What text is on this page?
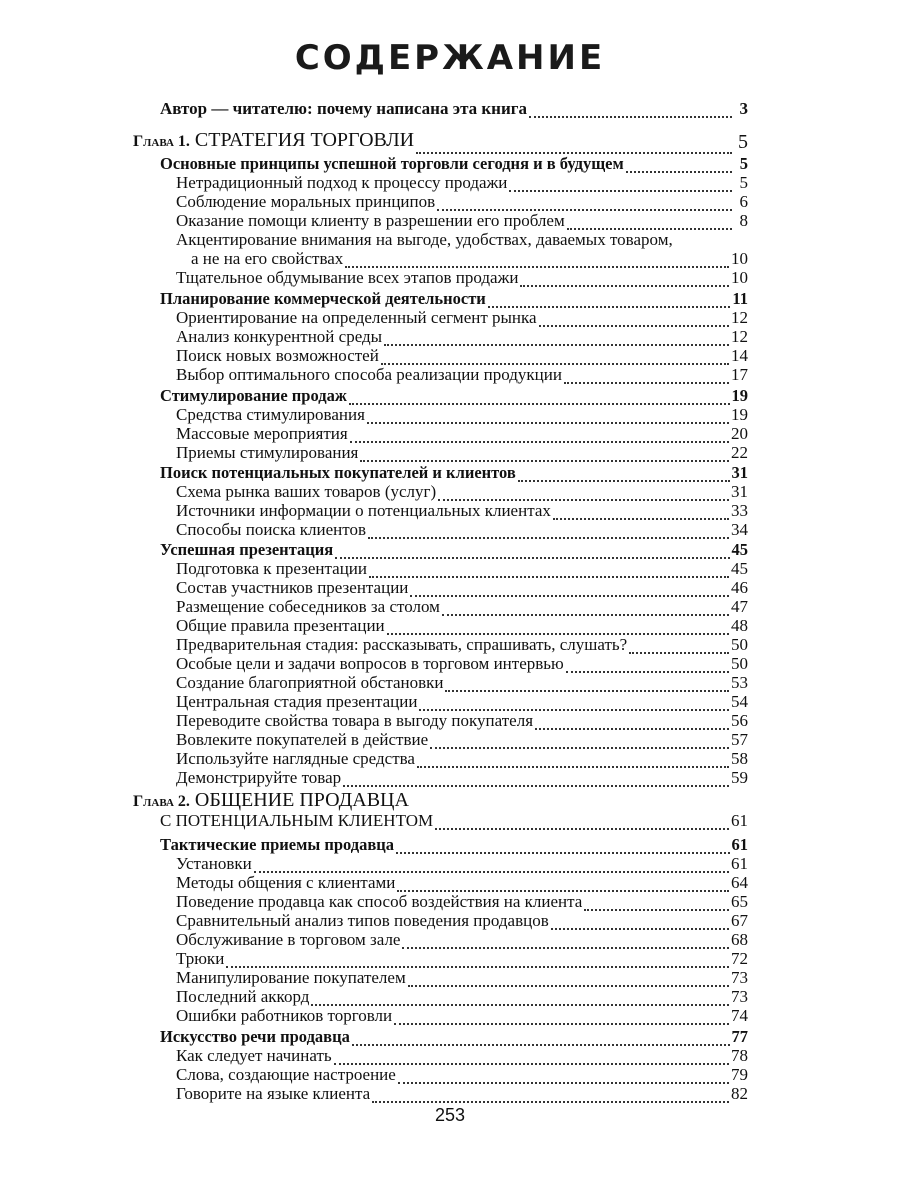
СОДЕРЖАНИЕ
Автор — читателю: почему написана эта книга	3
Глава 1. СТРАТЕГИЯ ТОРГОВЛИ	5
Основные принципы успешной торговли сегодня и в будущем	5
Нетрадиционный подход к процессу продажи	5
Соблюдение моральных принципов	6
Оказание помощи клиенту в разрешении его проблем	8
Акцентирование внимания на выгоде, удобствах, даваемых товаром,
а не на его свойствах	10
Тщательное обдумывание всех этапов продажи	10
Планирование коммерческой деятельности	11
Ориентирование на определенный сегмент рынка	12
Анализ конкурентной среды	12
Поиск новых возможностей	14
Выбор оптимального способа реализации продукции	17
Стимулирование продаж	19
Средства стимулирования	19
Массовые мероприятия	20
Приемы стимулирования	22
Поиск потенциальных покупателей и клиентов	31
Схема рынка ваших товаров (услуг)	31
Источники информации о потенциальных клиентах	33
Способы поиска клиентов	34
Успешная презентация	45
Подготовка к презентации	45
Состав участников презентации	46
Размещение собеседников за столом	47
Общие правила презентации	48
Предварительная стадия: рассказывать, спрашивать, слушать?	50
Особые цели и задачи вопросов в торговом интервью	50
Создание благоприятной обстановки	53
Центральная стадия презентации	54
Переводите свойства товара в выгоду покупателя	56
Вовлеките покупателей в действие	57
Используйте наглядные средства	58
Демонстрируйте товар	59
Глава 2. ОБЩЕНИЕ ПРОДАВЦА
С ПОТЕНЦИАЛЬНЫМ КЛИЕНТОМ	61
Тактические приемы продавца	61
Установки	61
Методы общения с клиентами	64
Поведение продавца как способ воздействия на клиента	65
Сравнительный анализ типов поведения продавцов	67
Обслуживание в торговом зале	68
Трюки	72
Манипулирование покупателем	73
Последний аккорд	73
Ошибки работников торговли	74
Искусство речи продавца	77
Как следует начинать	78
Слова, создающие настроение	79
Говорите на языке клиента	82
253
